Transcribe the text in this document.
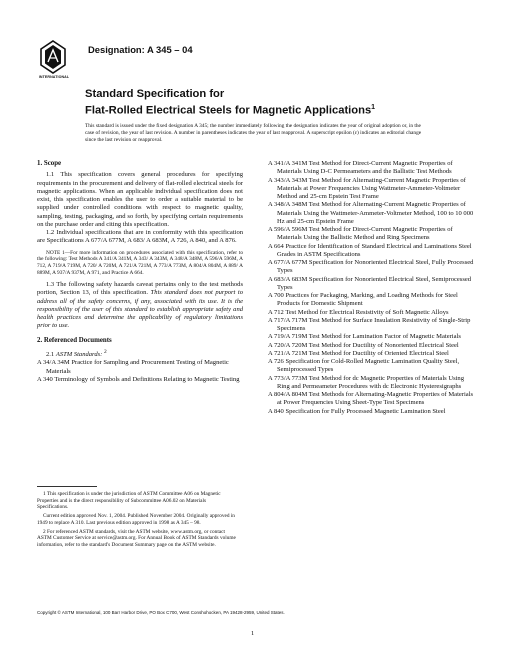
INTERNATIONAL
Designation: A 345 – 04
Standard Specification for
Flat-Rolled Electrical Steels for Magnetic Applications$^1$
This standard is issued under the fixed designation A 345; the number immediately following the designation indicates the year of original adoption or, in the case of revision, the year of last revision. A number in parentheses indicates the year of last reapproval. A superscript epsilon (ε) indicates an editorial change since the last revision or reapproval.

1. Scope

1.1 This specification covers general procedures for specifying requirements in the procurement and delivery of flat-rolled electrical steels for magnetic applications. When an applicable individual specification does not exist, this specification enables the user to order a suitable material to be supplied under controlled conditions with respect to magnetic quality, sampling, testing, packaging, and so forth, by specifying certain requirements on the purchase order and citing this specification.

1.2 Individual specifications that are in conformity with this specification are Specifications A 677/A 677M, A 683/ A 683M, A 726, A 840, and A 876.

NOTE 1—For more information on procedures associated with this specification, refer to the following: Test Methods A 341/A 341M, A 343/ A 343M, A 348/A 348M, A 596/A 596M, A 712, A 719/A 719M, A 720/ A 720M, A 721/A 721M, A 773/A 773M, A 804/A 804M, A 889/ A 889M, A 937/A 937M, A 971, and Practice A 664.

1.3 The following safety hazards caveat pertains only to the test methods portion, Section 13, of this specification. This standard does not purport to address all of the safety concerns, if any, associated with its use. It is the responsibility of the user of this standard to establish appropriate safety and health practices and determine the applicability of regulatory limitations prior to use.

2. Referenced Documents

2.1 ASTM Standards: $^2$

A 34/A 34M Practice for Sampling and Procurement Testing of Magnetic Materials

A 340 Terminology of Symbols and Definitions Relating to Magnetic Testing

A 341/A 341M Test Method for Direct-Current Magnetic Properties of Materials Using D-C Permeameters and the Ballistic Test Methods

A 343/A 343M Test Method for Alternating-Current Magnetic Properties of Materials at Power Frequencies Using Wattmeter-Ammeter-Voltmeter Method and 25-cm Epstein Test Frame

A 348/A 348M Test Method for Alternating-Current Magnetic Properties of Materials Using the Wattmeter-Ammeter-Voltmeter Method, 100 to 10 000 Hz and 25-cm Epstein Frame

A 596/A 596M Test Method for Direct-Current Magnetic Properties of Materials Using the Ballistic Method and Ring Specimens

A 664 Practice for Identification of Standard Electrical and Laminations Steel Grades in ASTM Specifications

A 677/A 677M Specification for Nonoriented Electrical Steel, Fully Processed Types

A 683/A 683M Specification for Nonoriented Electrical Steel, Semiprocessed Types

A 700 Practices for Packaging, Marking, and Loading Methods for Steel Products for Domestic Shipment

A 712 Test Method for Electrical Resistivity of Soft Magnetic Alloys

A 717/A 717M Test Method for Surface Insulation Resistivity of Single-Strip Specimens

A 719/A 719M Test Method for Lamination Factor of Magnetic Materials

A 720/A 720M Test Method for Ductility of Nonoriented Electrical Steel

A 721/A 721M Test Method for Ductility of Oriented Electrical Steel

A 726 Specification for Cold-Rolled Magnetic Lamination Quality Steel, Semiprocessed Types

A 773/A 773M Test Method for dc Magnetic Properties of Materials Using Ring and Permeameter Procedures with dc Electronic Hysteresigraphs

A 804/A 804M Test Methods for Alternating-Magnetic Properties of Materials at Power Frequencies Using Sheet-Type Test Specimens

A 840 Specification for Fully Processed Magnetic Lamination Steel

1 This specification is under the jurisdiction of ASTM Committee A06 on Magnetic Properties and is the direct responsibility of Subcommittee A06.02 on Materials Specifications.

Current edition approved Nov. 1, 2004. Published November 2004. Originally approved in 1949 to replace A 310. Last previous edition approved in 1998 as A 345 – 98.

2 For referenced ASTM standards, visit the ASTM website, www.astm.org, or contact ASTM Customer Service at service@astm.org. For Annual Book of ASTM Standards volume information, refer to the standard's Document Summary page on the ASTM website.

Copyright © ASTM International, 100 Barr Harbor Drive, PO Box C700, West Conshohocken, PA 19428-2959, United States.
1
